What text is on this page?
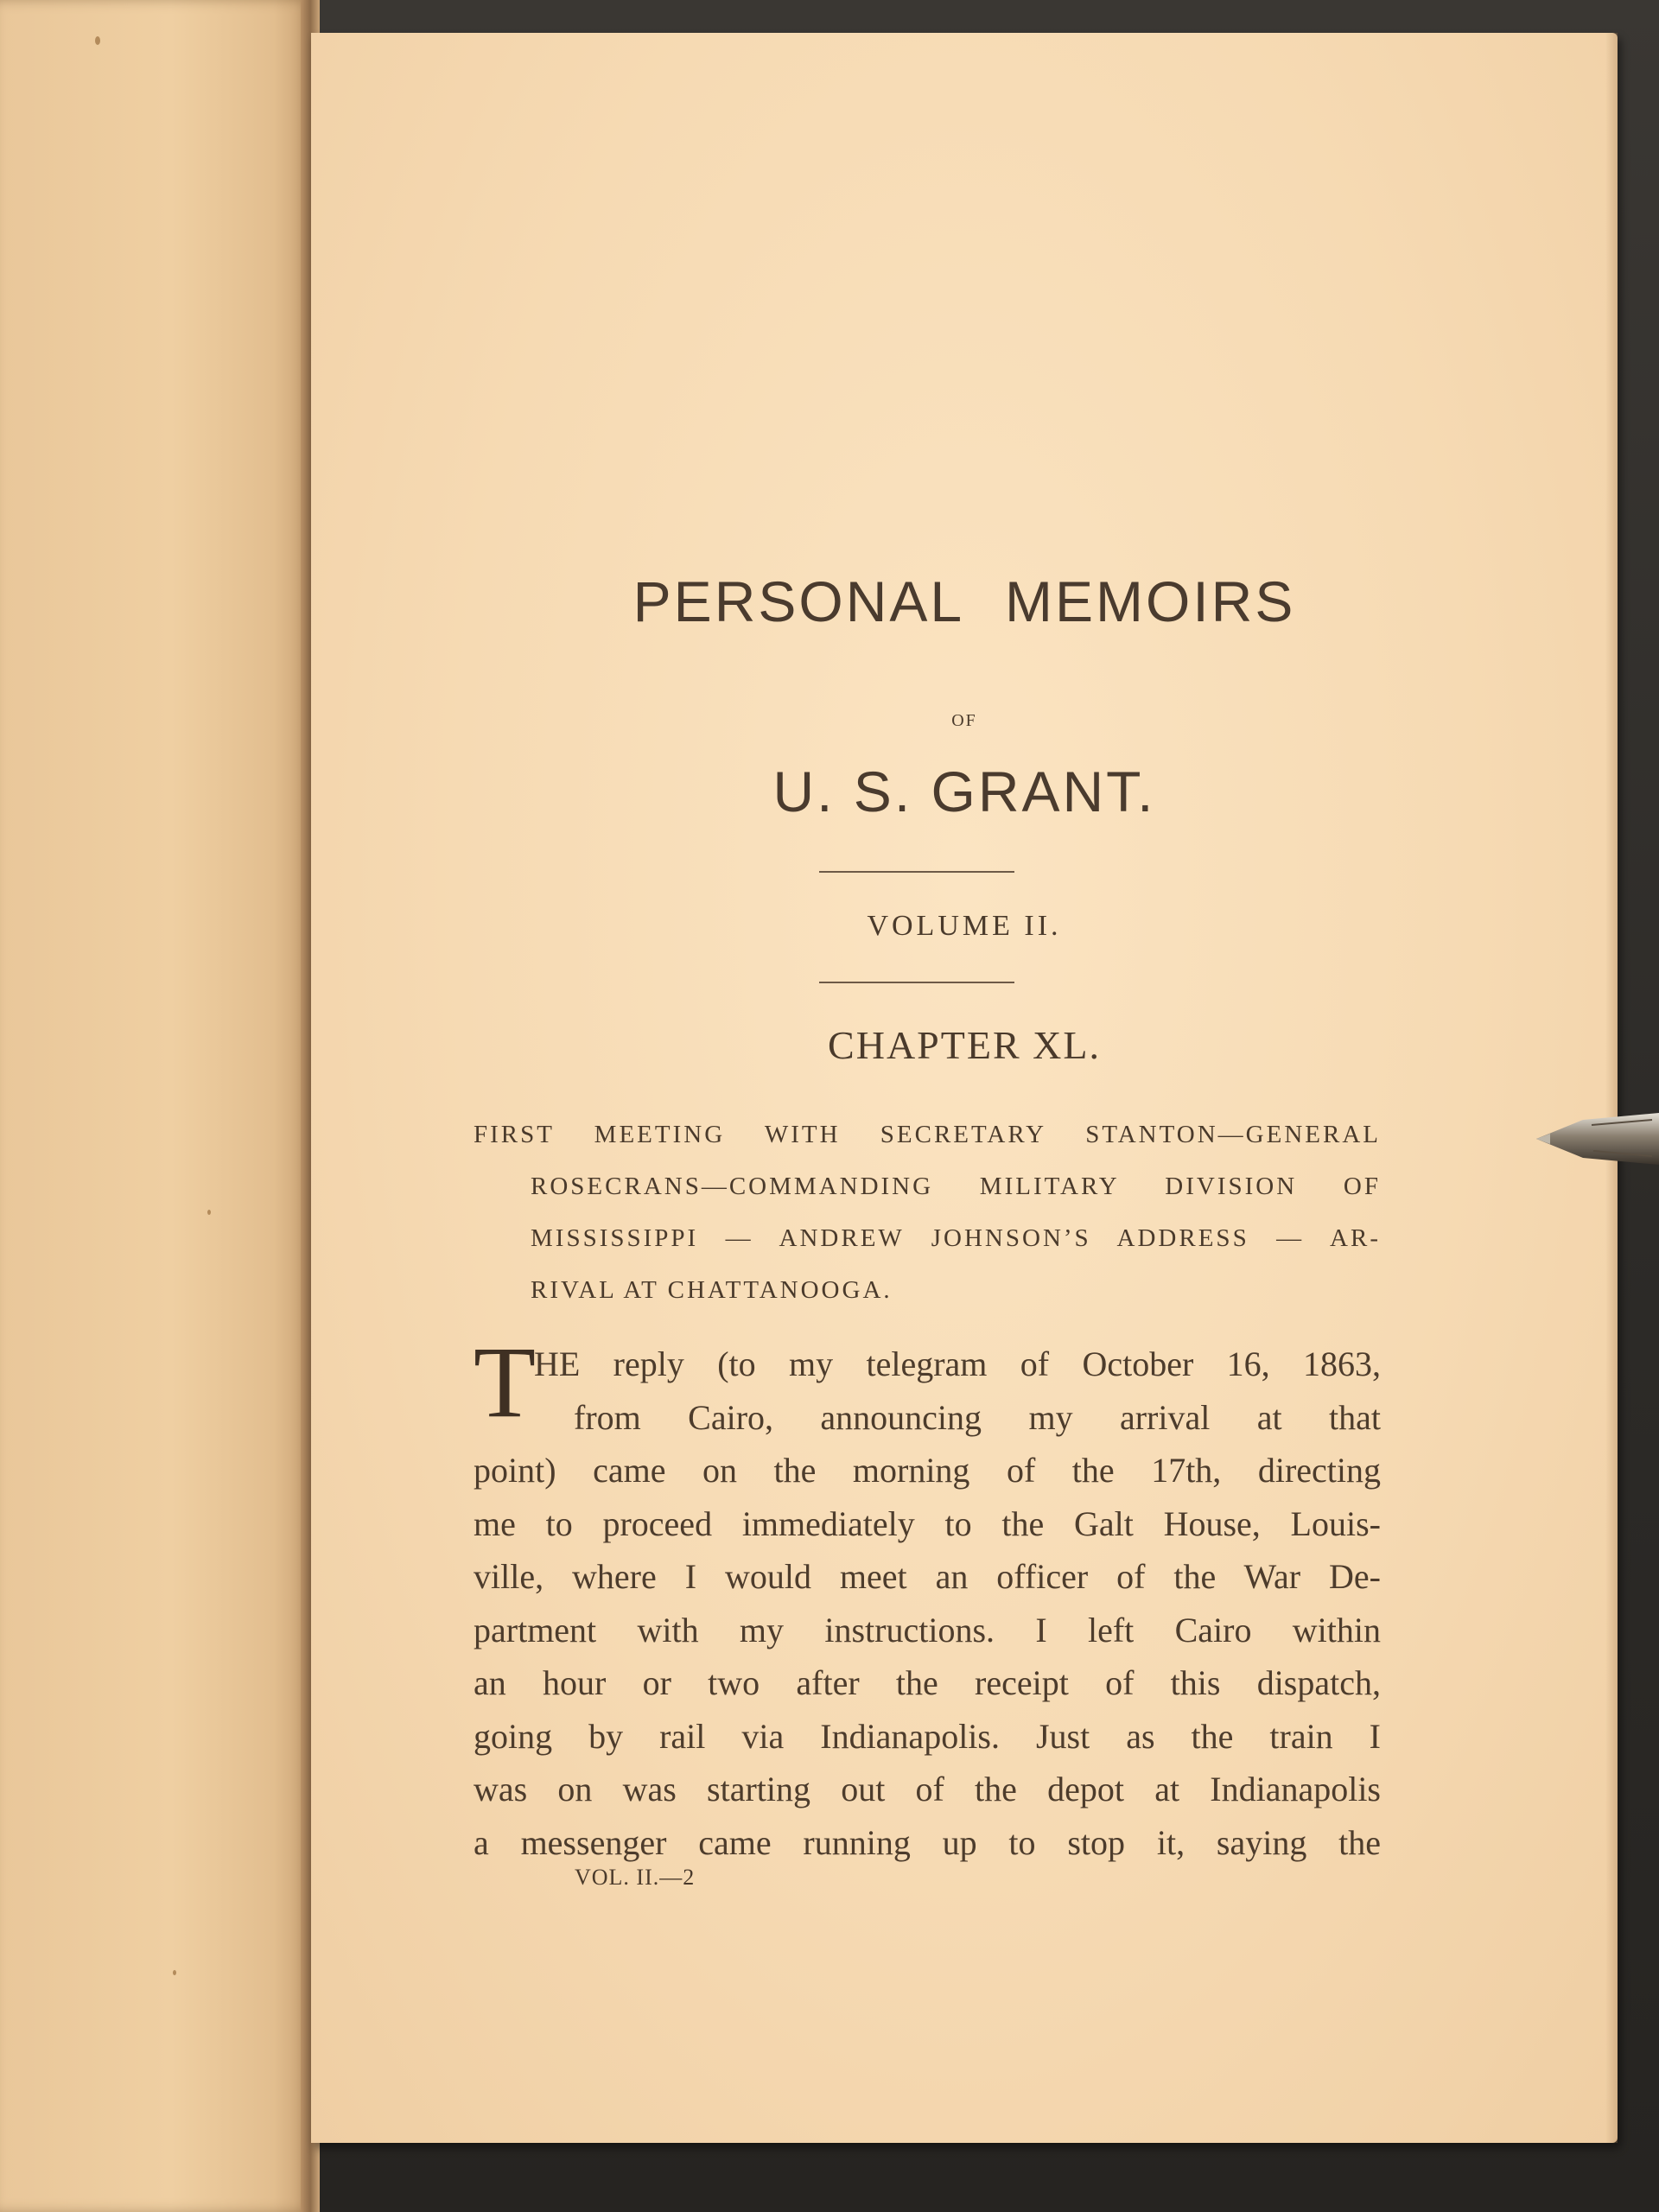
PERSONAL MEMOIRS
OF
U. S. GRANT.
VOLUME II.
CHAPTER XL.
FIRST MEETING WITH SECRETARY STANTON—GENERAL
ROSECRANS—COMMANDING MILITARY DIVISION OF
MISSISSIPPI — ANDREW JOHNSON’S ADDRESS — AR-
RIVAL AT CHATTANOOGA.
T
HE reply (to my telegram of October 16, 1863,
from Cairo, announcing my arrival at that
point) came on the morning of the 17th, directing
me to proceed immediately to the Galt House, Louis-
ville, where I would meet an officer of the War De-
partment with my instructions. I left Cairo within
an hour or two after the receipt of this dispatch,
going by rail via Indianapolis. Just as the train I
was on was starting out of the depot at Indianapolis
a messenger came running up to stop it, saying the
VOL. II.—2
